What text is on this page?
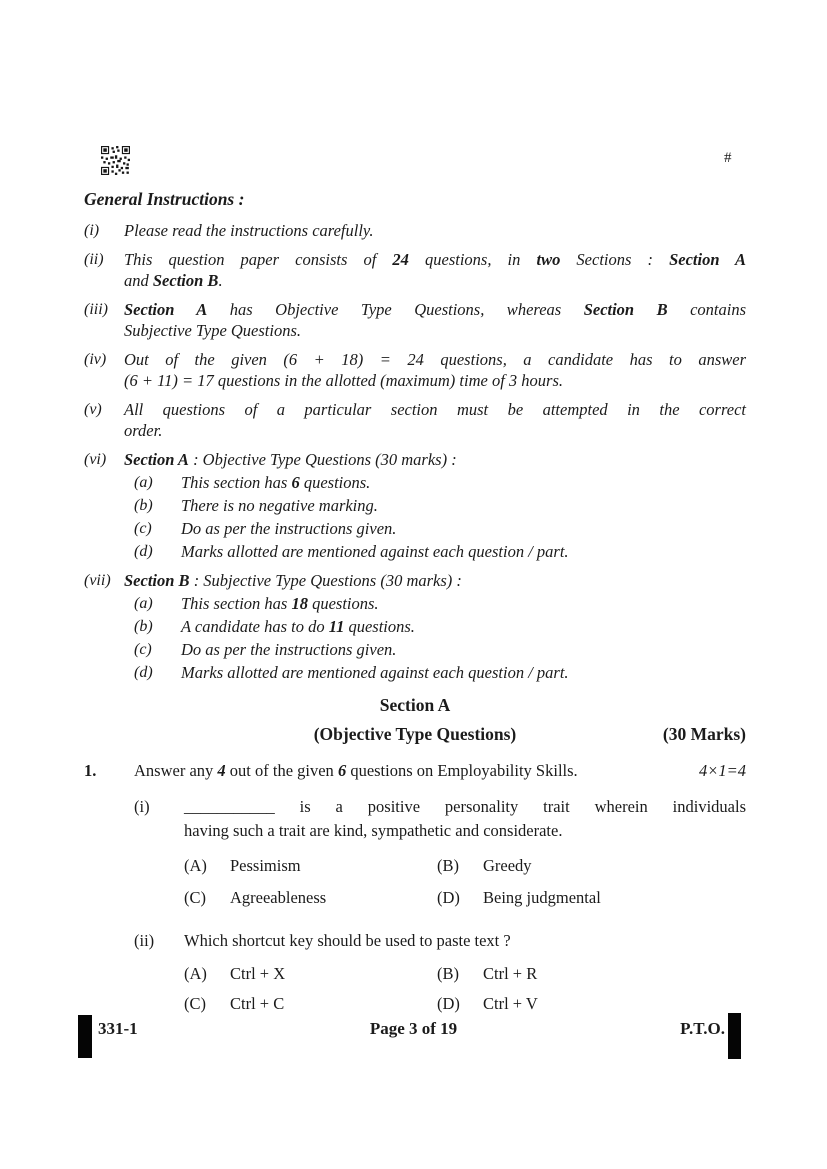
#
General Instructions :
(i)	Please read the instructions carefully.
(ii)	This question paper consists of 24 questions, in two Sections : Section A
and Section B.
(iii) Section A has Objective Type Questions, whereas Section B contains
Subjective Type Questions.
(iv)	Out of the given (6 + 18) = 24 questions, a candidate has to answer
(6 + 11) = 17 questions in the allotted (maximum) time of 3 hours.
(v)	All questions of a particular section must be attempted in the correct
order.
(vi)	Section A : Objective Type Questions (30 marks) :
(a)	This section has 6 questions.
(b)	There is no negative marking.
(c)	Do as per the instructions given.
(d)	Marks allotted are mentioned against each question / part.
(vii) Section B : Subjective Type Questions (30 marks) :
(a)	This section has 18 questions.
(b)	A candidate has to do 11 questions.
(c)	Do as per the instructions given.
(d)	Marks allotted are mentioned against each question / part.
Section A
(Objective Type Questions)	(30 Marks)
1.	Answer any 4 out of the given 6 questions on Employability Skills.	4×1=4
(i)	___________ is a positive personality trait wherein individuals
having such a trait are kind, sympathetic and considerate.
(A)	Pessimism	(B)	Greedy
(C)	Agreeableness	(D)	Being judgmental
(ii)	Which shortcut key should be used to paste text ?
(A)	Ctrl + X	(B)	Ctrl + R
(C)	Ctrl + C	(D)	Ctrl + V
331-1	Page 3 of 19	P.T.O.
